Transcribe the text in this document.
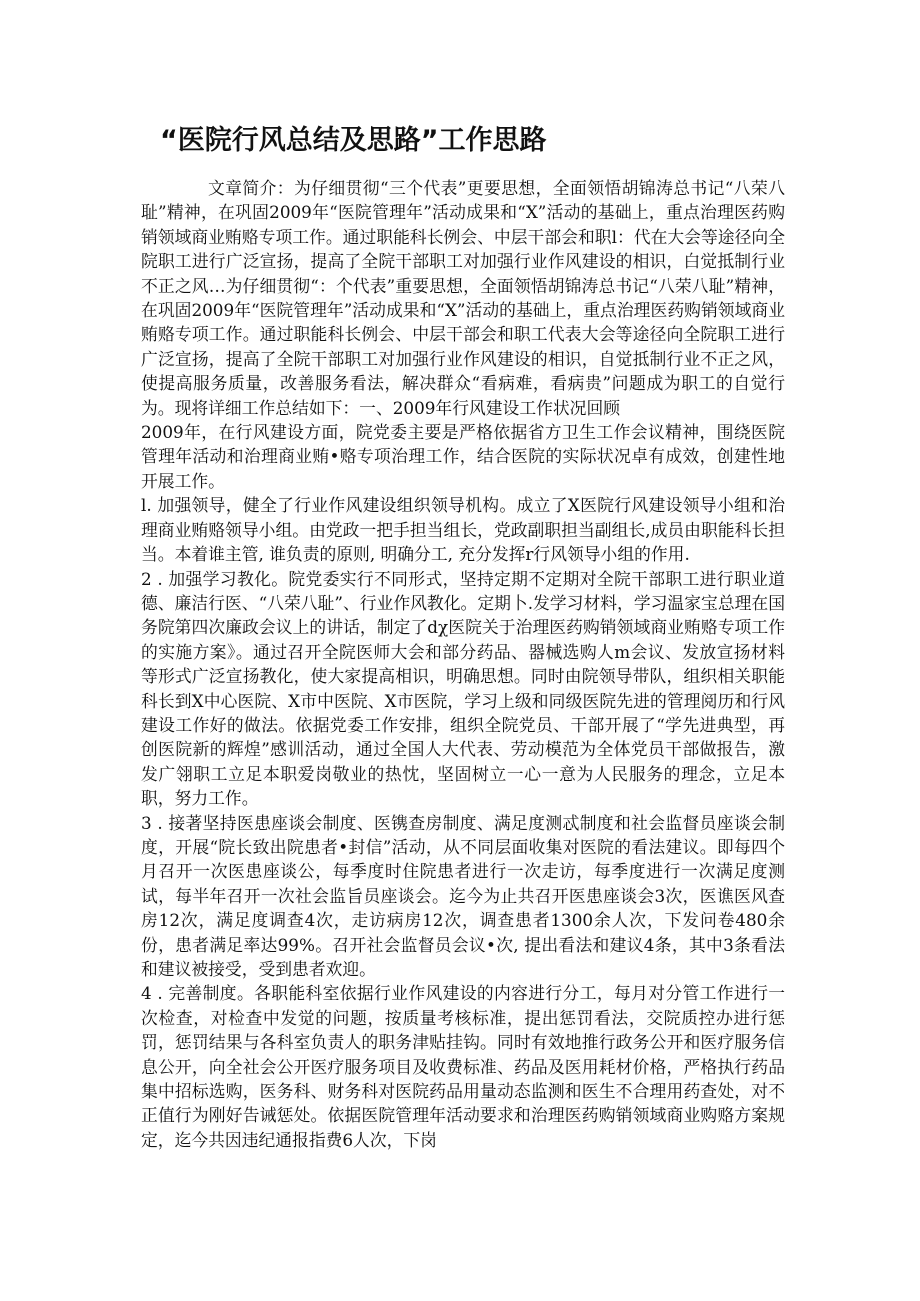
“医院行风总结及思路”工作思路

文章简介：为仔细贯彻“三个代表”更要思想，全面领悟胡锦涛总书记“八荣八耻”精神，在巩固2009年“医院管理年”活动成果和“X”活动的基础上，重点治理医药购销领域商业贿赂专项工作。通过职能科长例会、中层干部会和职l：代在大会等途径向全院职工进行广泛宣扬，提高了全院干部职工对加强行业作风建设的相识，白觉抵制行业不正之风…为仔细贯彻“：个代表”重要思想，全面领悟胡锦涛总书记“八荣八耻”精神，在巩固2009年“医院管理年”活动成果和“X”活动的基础上，重点治理医药购销领域商业贿赂专项工作。通过职能科长例会、中层干部会和职工代表大会等途径向全院职工进行广泛宣扬，提高了全院干部职工对加强行业作风建设的相识，自觉抵制行业不正之风，使提高服务质量，改善服务看法，解决群众“看病难，看病贵”问题成为职工的自觉行为。现将详细工作总结如下：一、2009年行风建设工作状况回顾

2009年，在行风建设方面，院党委主要是严格依据省方卫生工作会议精神，围绕医院管理年活动和治理商业贿•赂专项治理工作，结合医院的实际状况卓有成效，创建性地开展工作。

l. 加强领导，健全了行业作风建设组织领导机构。成立了X医院行风建设领导小组和治理商业贿赂领导小组。由党政一把手担当组长，党政副职担当副组长,成员由职能科长担当。本着谁主管, 谁负责的原则, 明确分工, 充分发挥r行风领导小组的作用.

2 . 加强学习教化。院党委实行不同形式，坚持定期不定期对全院干部职工进行职业道德、廉洁行医、“八荣八耻”、行业作风教化。定期卜.发学习材料，学习温家宝总理在国务院第四次廉政会议上的讲话，制定了dχ医院关于治理医药购销领域商业贿赂专项工作的实施方案》。通过召开全院医师大会和部分药品、器械选购人m会议、发放宣扬材料等形式广泛宣扬教化，使大家提高相识，明确思想。同时由院领导带队，组织相关职能科长到X中心医院、X市中医院、X市医院，学习上级和同级医院先进的管理阅历和行风建设工作好的做法。依据党委工作安排，组织全院党员、干部开展了“学先进典型，再创医院新的辉煌”感训活动，通过全国人大代表、劳动模范为全体党员干部做报告，激发广翎职工立足本职爱岗敬业的热忱，坚固树立一心一意为人民服务的理念，立足本职，努力工作。

3 . 接著坚持医患座谈会制度、医镌查房制度、满足度测忒制度和社会监督员座谈会制度，开展“院长致出院患者•封信”活动，从不同层面收集对医院的看法建议。即每四个月召开一次医患座谈公，每季度时住院患者进行一次走访，每季度进行一次满足度测试，每半年召开一次社会监旨员座谈会。迄今为止共召开医患座谈会3次，医谯医风查房12次，满足度调查4次，走访病房12次，调查患者1300余人次，下发问卷480余份，患者满足率达99%。召开社会监督员会议•次, 提出看法和建议4条，其中3条看法和建议被接受，受到患者欢迎。

4 . 完善制度。各职能科室依据行业作风建设的内容进行分工，每月对分管工作进行一次检查，对检查中发觉的问题，按质量考核标准，提出惩罚看法，交院质控办进行惩罚，惩罚结果与各科室负责人的职务津贴挂钩。同时有效地推行政务公开和医疗服务信息公开，向全社会公开医疗服务项目及收费标准、药品及医用耗材价格，严格执行药品集中招标选购，医务科、财务科对医院药品用量动态监测和医生不合理用药查处，对不正值行为刚好告诫惩处。依据医院管理年活动要求和治理医药购销领域商业购赂方案规定，迄今共因违纪通报指费6人次，下岗
